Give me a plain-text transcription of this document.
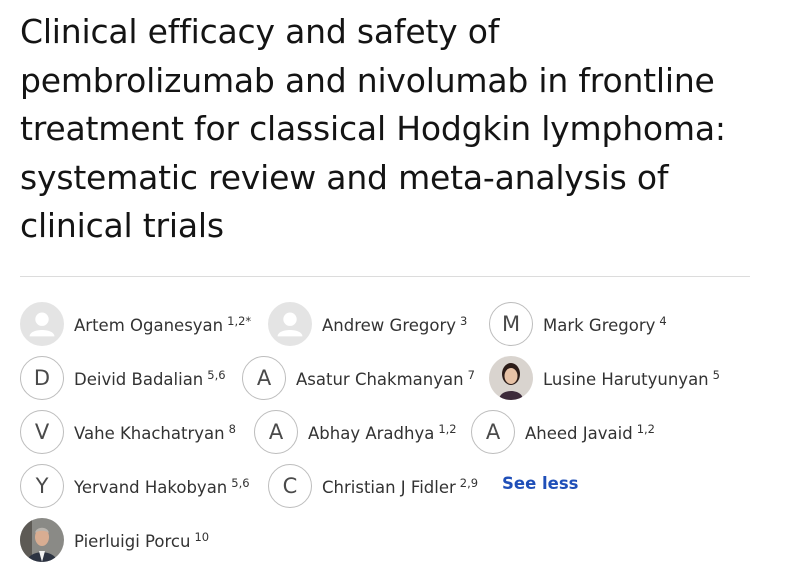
Clinical efficacy and safety of
pembrolizumab and nivolumab in frontline
treatment for classical Hodgkin lymphoma:
systematic review and meta-analysis of
clinical trials
Artem Oganesyan $^{1,2*}$	Andrew Gregory $^3$	M	Mark Gregory $^4$
D	Deivid Badalian $^{5,6}$	A	Asatur Chakmanyan $^7$	Lusine Harutyunyan $^5$
V	Vahe Khachatryan $^8$	A	Abhay Aradhya $^{1,2}$	A	Aheed Javaid $^{1,2}$
Y	Yervand Hakobyan $^{5,6}$	C	Christian J Fidler $^{2,9}$ See less
Pierluigi Porcu $^{10}$
